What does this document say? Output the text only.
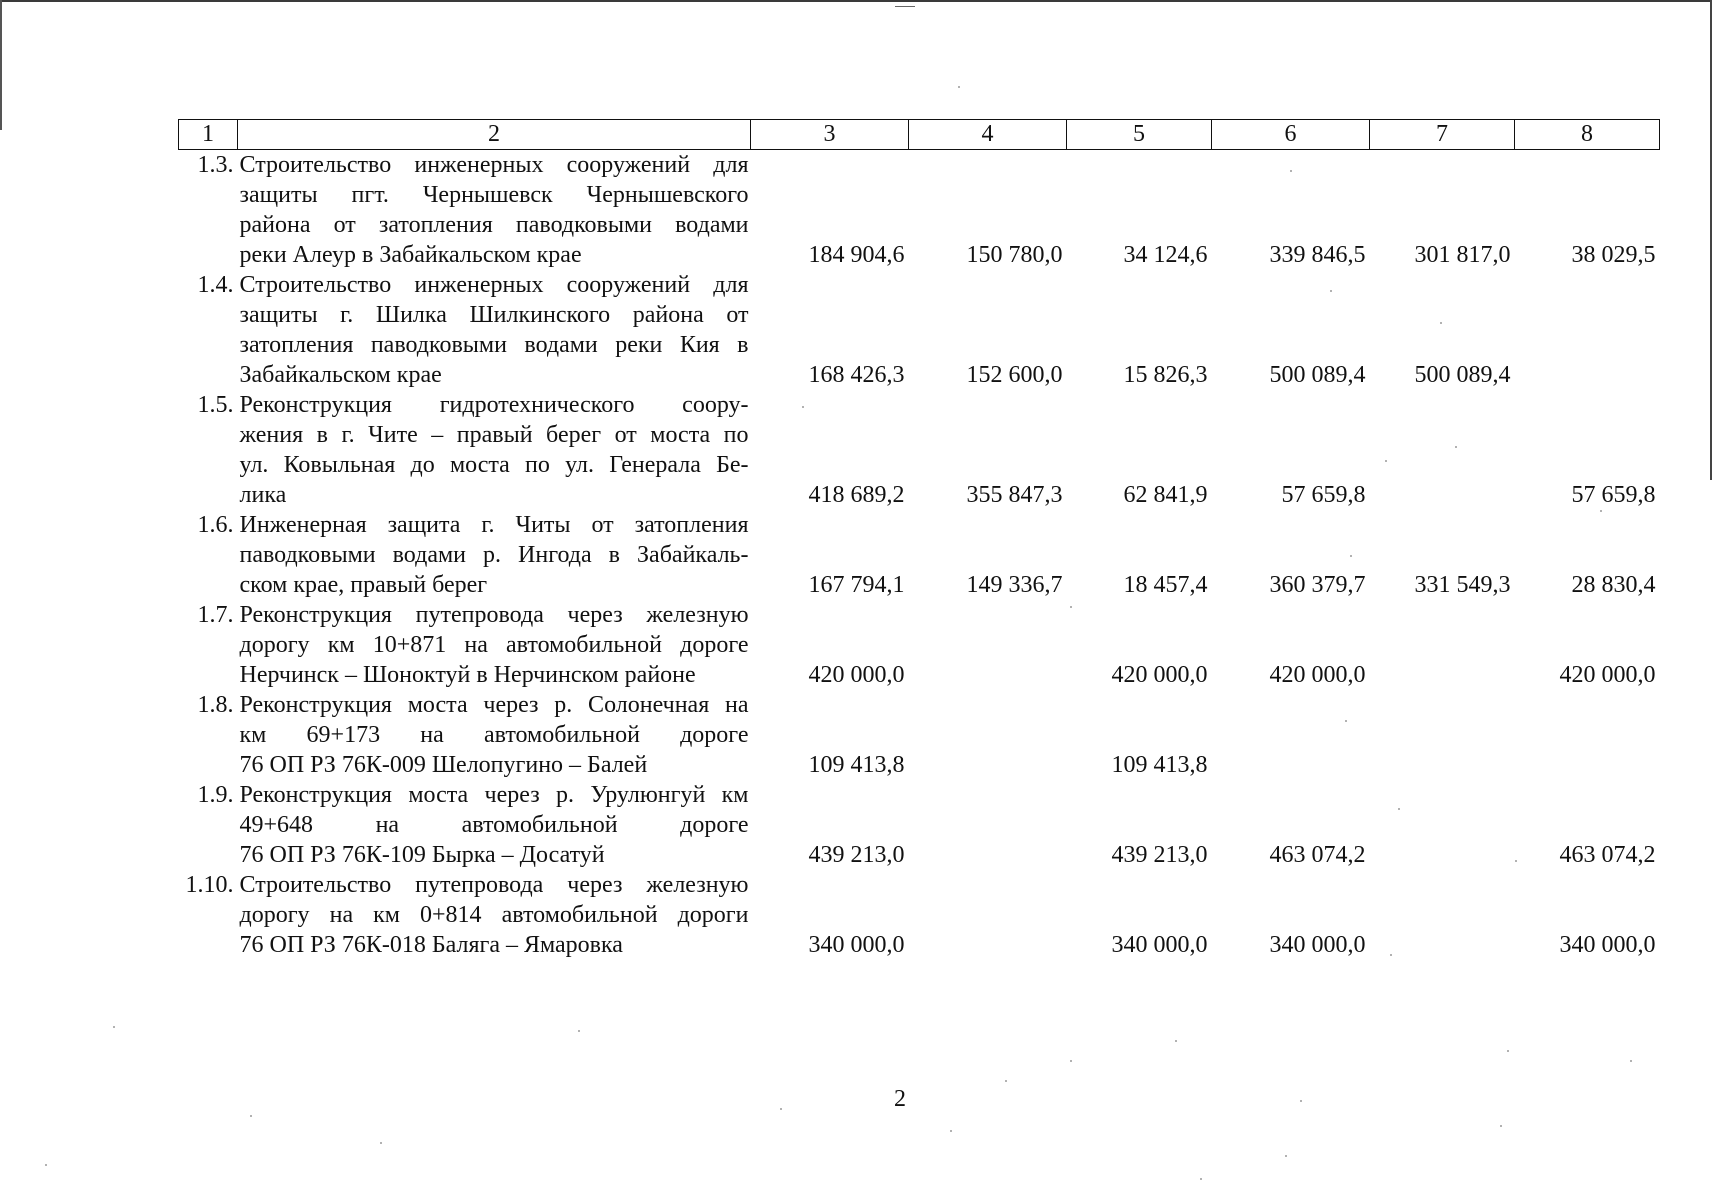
1	2	3	4	5	6	7	8
1.3.	Строительство инженерных сооружений для
защиты пгт. Чернышевск Чернышевского
района от затопления паводковыми водами
реки Алеур в Забайкальском крае	184 904,6	150 780,0	34 124,6	339 846,5	301 817,0	38 029,5
1.4.	Строительство инженерных сооружений для
защиты г. Шилка Шилкинского района от
затопления паводковыми водами реки Кия в
Забайкальском крае	168 426,3	152 600,0	15 826,3	500 089,4	500 089,4	
1.5.	Реконструкция гидротехнического соору-
жения в г. Чите – правый берег от моста по
ул. Ковыльная до моста по ул. Генерала Бе-
лика	418 689,2	355 847,3	62 841,9	57 659,8		57 659,8
1.6.	Инженерная защита г. Читы от затопления
паводковыми водами р. Ингода в Забайкаль-
ском крае, правый берег	167 794,1	149 336,7	18 457,4	360 379,7	331 549,3	28 830,4
1.7.	Реконструкция путепровода через железную
дорогу км 10+871 на автомобильной дороге
Нерчинск – Шоноктуй в Нерчинском районе	420 000,0		420 000,0	420 000,0		420 000,0
1.8.	Реконструкция моста через р. Солонечная на
км 69+173 на автомобильной дороге
76 ОП РЗ 76К-009 Шелопугино – Балей	109 413,8		109 413,8			
1.9.	Реконструкция моста через р. Урулюнгуй км
49+648 на автомобильной дороге
76 ОП РЗ 76К-109 Бырка – Досатуй	439 213,0		439 213,0	463 074,2		463 074,2
1.10.	Строительство путепровода через железную
дорогу на км 0+814 автомобильной дороги
76 ОП РЗ 76К-018 Баляга – Ямаровка	340 000,0		340 000,0	340 000,0		340 000,0
2
